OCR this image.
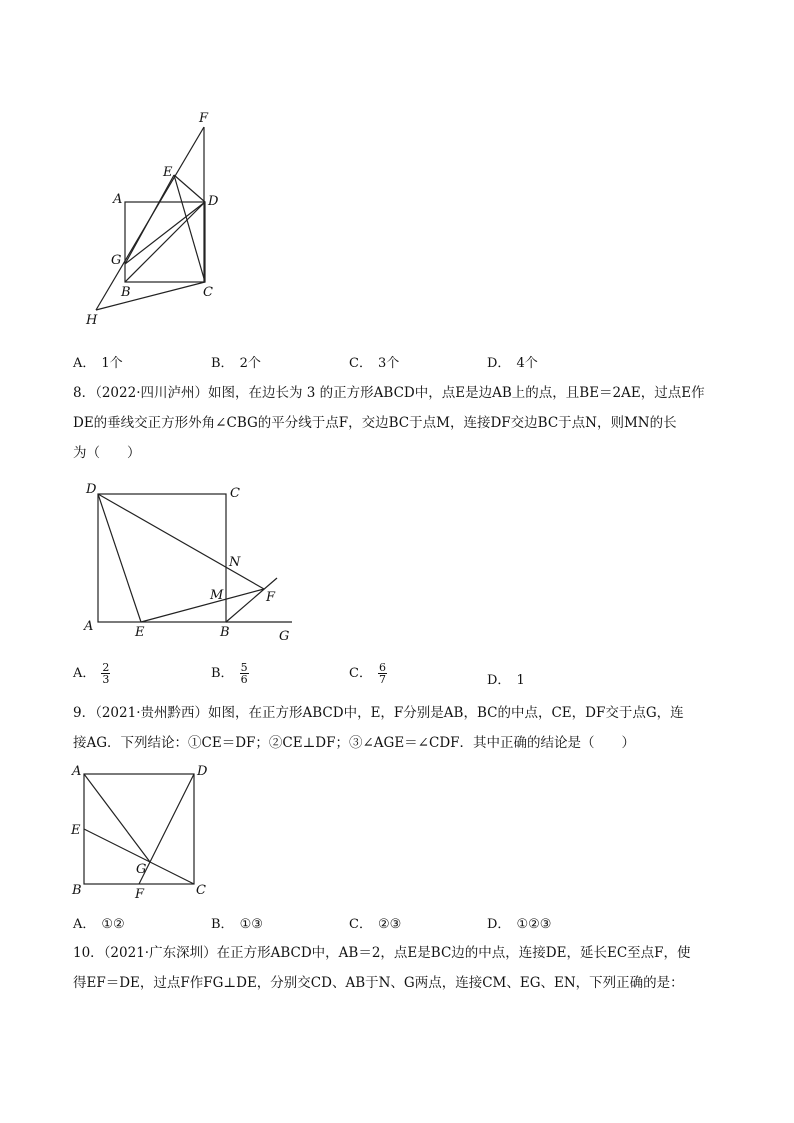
F
E
A	D
G
B	C
H
A． 1个	B． 2个	C． 3个	D． 4个
8．（2022·四川泸州）如图，在边长为 3 的正方形ABCD中，点E是边AB上的点，且BE＝2AE，过点E作
DE的垂线交正方形外角∠CBG的平分线于点F，交边BC于点M，连接DF交边BC于点N，则MN的长
为（　　）
D	C
N
M	F
A	E	B	G
A． $\frac{2}{3}$	B． $\frac{5}{6}$	C． $\frac{6}{7}$	D． 1
9．（2021·贵州黔西）如图，在正方形ABCD中，E，F分别是AB，BC的中点，CE，DF交于点G，连
接AG．下列结论：①CE＝DF；②CE⊥DF；③∠AGE＝∠CDF．其中正确的结论是（　　）
A	D
E
G
B	F	C
A． ①②	B． ①③	C． ②③	D． ①②③
10．（2021·广东深圳）在正方形ABCD中，AB＝2，点E是BC边的中点，连接DE，延长EC至点F，使
得EF＝DE，过点F作FG⊥DE，分别交CD、AB于N、G两点，连接CM、EG、EN，下列正确的是：
